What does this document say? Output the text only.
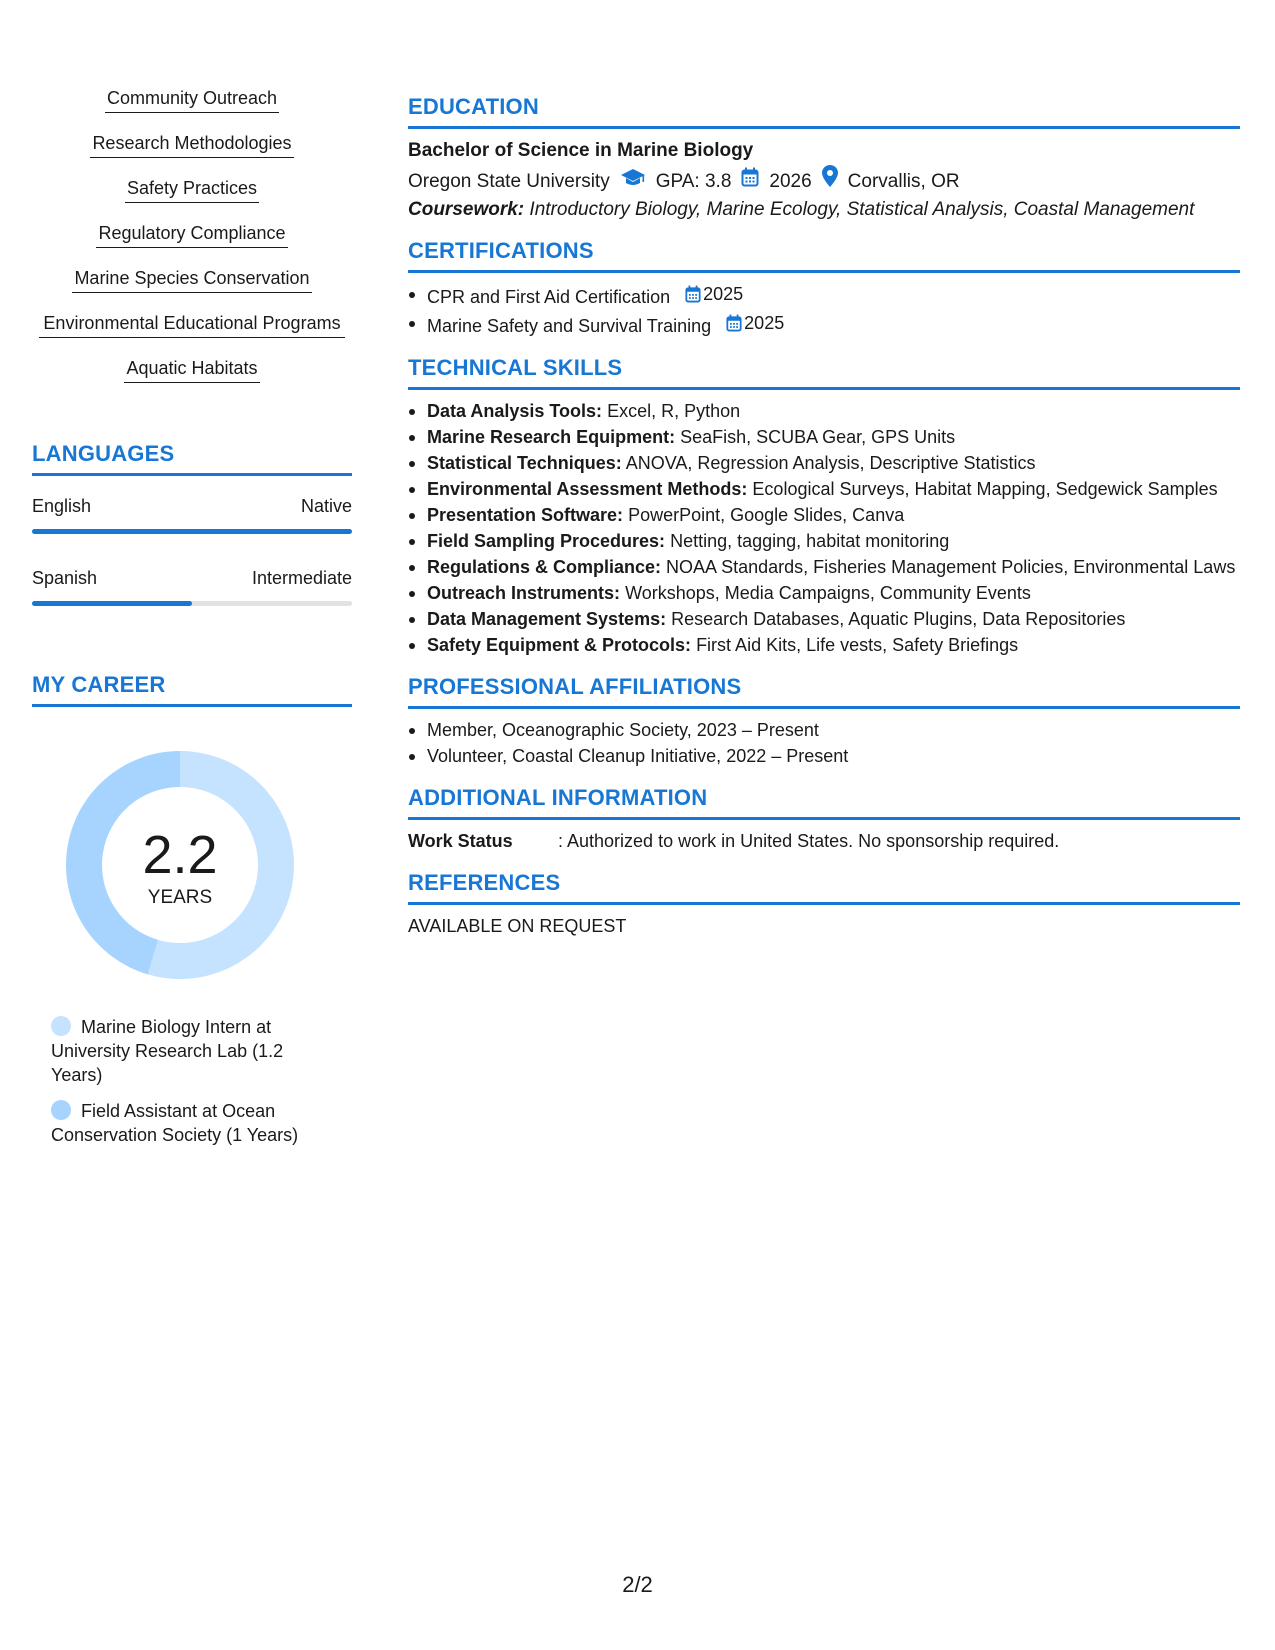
Community Outreach
Research Methodologies
Safety Practices
Regulatory Compliance
Marine Species Conservation
Environmental Educational Programs
Aquatic Habitats
LANGUAGES
English	Native
Spanish	Intermediate
MY CAREER
2.2
YEARS
Marine Biology Intern at University Research Lab (1.2 Years)
Field Assistant at Ocean Conservation Society (1 Years)
EDUCATION
Bachelor of Science in Marine Biology
Oregon State University GPA: 3.8 2026 Corvallis, OR
Coursework: Introductory Biology, Marine Ecology, Statistical Analysis, Coastal Management
CERTIFICATIONS
CPR and First Aid Certification 2025
Marine Safety and Survival Training 2025
TECHNICAL SKILLS
Data Analysis Tools: Excel, R, Python
Marine Research Equipment: SeaFish, SCUBA Gear, GPS Units
Statistical Techniques: ANOVA, Regression Analysis, Descriptive Statistics
Environmental Assessment Methods: Ecological Surveys, Habitat Mapping, Sedgewick Samples
Presentation Software: PowerPoint, Google Slides, Canva
Field Sampling Procedures: Netting, tagging, habitat monitoring
Regulations & Compliance: NOAA Standards, Fisheries Management Policies, Environmental Laws
Outreach Instruments: Workshops, Media Campaigns, Community Events
Data Management Systems: Research Databases, Aquatic Plugins, Data Repositories
Safety Equipment & Protocols: First Aid Kits, Life vests, Safety Briefings
PROFESSIONAL AFFILIATIONS
Member, Oceanographic Society, 2023 – Present
Volunteer, Coastal Cleanup Initiative, 2022 – Present
ADDITIONAL INFORMATION
Work Status	: Authorized to work in United States. No sponsorship required.
REFERENCES
AVAILABLE ON REQUEST
2/2
